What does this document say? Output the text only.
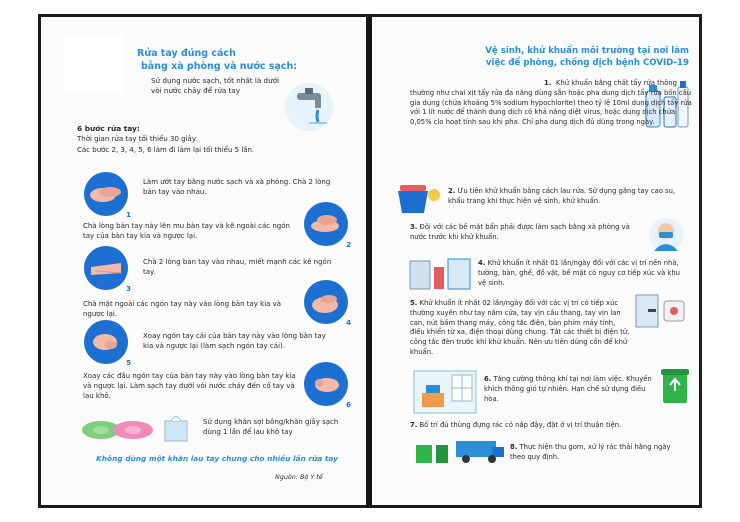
Rửa tay đúng cách
bằng xà phòng và nước sạch:
Sử dụng nước sạch, tốt nhất là dưới vòi nước chảy để rửa tay
6 bước rửa tay:
Thời gian rửa tay tối thiểu 30 giây.
Các bước 2, 3, 4, 5, 6 làm đi làm lại tối thiểu 5 lần.
1
Làm ướt tay bằng nước sạch và xà phòng. Chà 2 lòng bàn tay vào nhau.
Chà lòng bàn tay này lên mu bàn tay và kẽ ngoài các ngón tay của bàn tay kia và ngược lại.
2
3
Chà 2 lòng bàn tay vào nhau, miết mạnh các kẽ ngón tay.
Chà mặt ngoài các ngón tay này vào lòng bàn tay kia và ngược lại.
4
5
Xoay ngón tay cái của bàn tay này vào lòng bàn tay kia và ngược lại (làm sạch ngón tay cái).
Xoay các đầu ngón tay của bàn tay này vào lòng bàn tay kia và ngược lại. Làm sạch tay dưới vòi nước chảy đến cổ tay và lau khô.
6
Sử dụng khăn sợi bông/khăn giấy sạch dùng 1 lần để lau khô tay
Không dùng một khăn lau tay chung cho nhiều lần rửa tay
Nguồn: Bộ Y tế
Vệ sinh, khử khuẩn môi trường tại nơi làm
việc để phòng, chống dịch bệnh COVID-19
1. Khử khuẩn bằng chất tẩy rửa thông thường như chai xịt tẩy rửa đa năng dùng sẵn hoặc pha dung dịch tẩy rửa bồn cầu gia dụng (chứa khoảng 5% sodium hypochlorite) theo tỷ lệ 10ml dung dịch tẩy rửa với 1 lít nước để thành dung dịch có khả năng diệt virus, hoặc dung dịch chứa 0,05% clo hoạt tính sau khi pha. Chỉ pha dung dịch đủ dùng trong ngày.
2. Ưu tiên khử khuẩn bằng cách lau rửa. Sử dụng găng tay cao su, khẩu trang khi thực hiện vệ sinh, khử khuẩn.
3. Đôi với các bề mặt bẩn phải được làm sạch bằng xà phòng và nước trước khi khử khuẩn.
4. Khử khuẩn ít nhất 01 lần/ngày đối với các vị trí nền nhà, tường, bàn, ghế, đồ vật, bề mặt có nguy cơ tiếp xúc và khu vệ sinh.
5. Khử khuẩn ít nhất 02 lần/ngày đối với các vị trí có tiếp xúc thường xuyên như tay nắm cửa, tay vịn cầu thang, tay vịn lan can, nút bấm thang máy, công tắc điện, bàn phím máy tính, điều khiển từ xa, điện thoại dùng chung. Tắt các thiết bị điện tử, công tắc đèn trước khi khử khuẩn. Nên ưu tiên dùng cồn để khử khuẩn.
6. Tăng cường thông khí tại nơi làm việc. Khuyến khích thông gió tự nhiên. Hạn chế sử dụng điều hòa.
7. Bố trí đủ thùng đựng rác có nắp đậy, đặt ở vị trí thuận tiện.
8. Thực hiện thu gom, xử lý rác thải hằng ngày theo quy định.
